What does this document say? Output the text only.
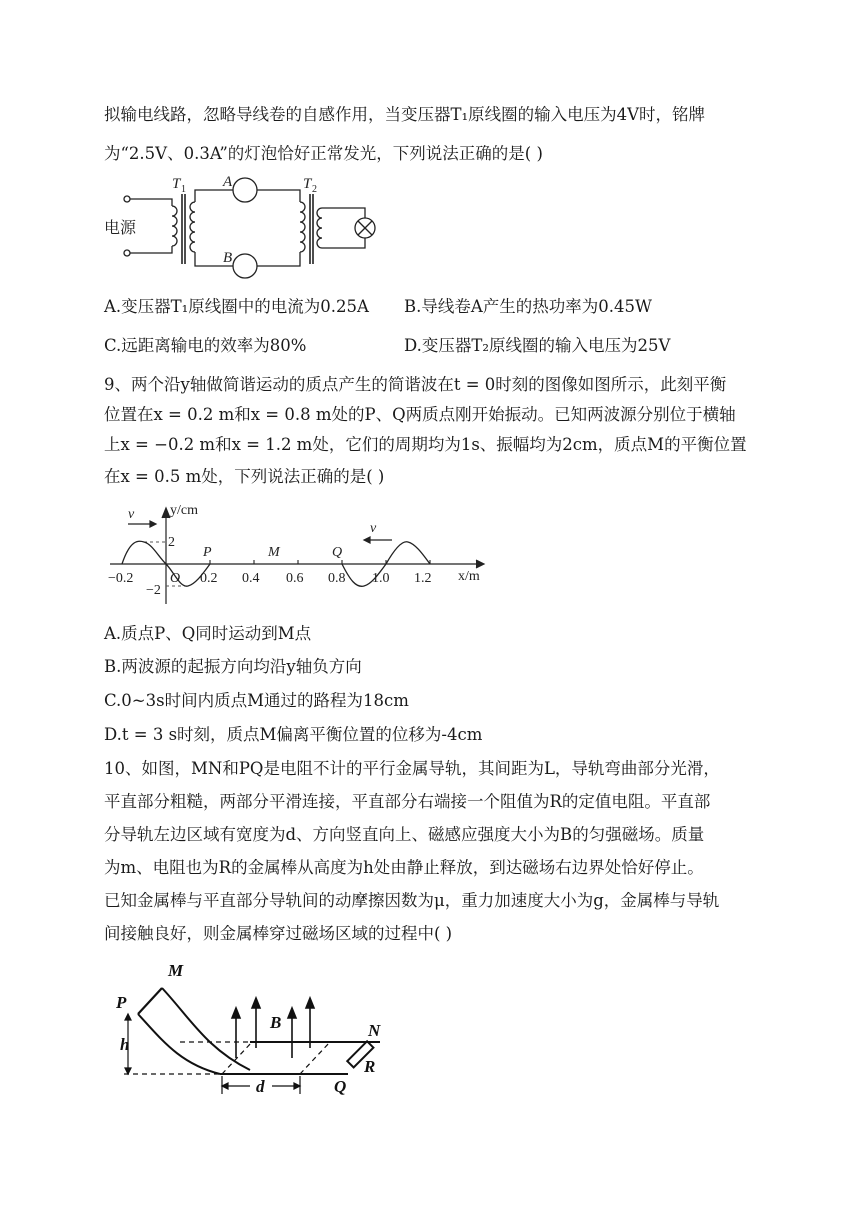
拟输电线路，忽略导线卷的自感作用，当变压器T₁原线圈的输入电压为4V时，铭牌
为“2.5V、0.3A”的灯泡恰好正常发光，下列说法正确的是( )
T 1	T 2
A
B
电源
A.变压器T₁原线圈中的电流为0.25A B.导线卷A产生的热功率为0.45W
C.远距离输电的效率为80%	D.变压器T₂原线圈的输入电压为25V
9、两个沿y轴做简谐运动的质点产生的简谐波在t = 0时刻的图像如图所示，此刻平衡
位置在x = 0.2 m和x = 0.8 m处的P、Q两质点刚开始振动。已知两波源分别位于横轴
上x = −0.2 m和x = 1.2 m处，它们的周期均为1s、振幅均为2cm，质点M的平衡位置
在x = 0.5 m处，下列说法正确的是( )
v
v
y/cm
2
−2
x/m
P	M	Q
−0.2	O 0.2 0.4 0.6 0.8 1.0 1.2
A.质点P、Q同时运动到M点
B.两波源的起振方向均沿y轴负方向
C.0~3s时间内质点M通过的路程为18cm
D.t = 3 s时刻，质点M偏离平衡位置的位移为-4cm
10、如图，MN和PQ是电阻不计的平行金属导轨，其间距为L，导轨弯曲部分光滑，
平直部分粗糙，两部分平滑连接，平直部分右端接一个阻值为R的定值电阻。平直部
分导轨左边区域有宽度为d、方向竖直向上、磁感应强度大小为B的匀强磁场。质量
为m、电阻也为R的金属棒从高度为h处由静止释放，到达磁场右边界处恰好停止。
已知金属棒与平直部分导轨间的动摩擦因数为μ，重力加速度大小为g，金属棒与导轨
间接触良好，则金属棒穿过磁场区域的过程中( )
M
P
h
B	N
R
Q
d
